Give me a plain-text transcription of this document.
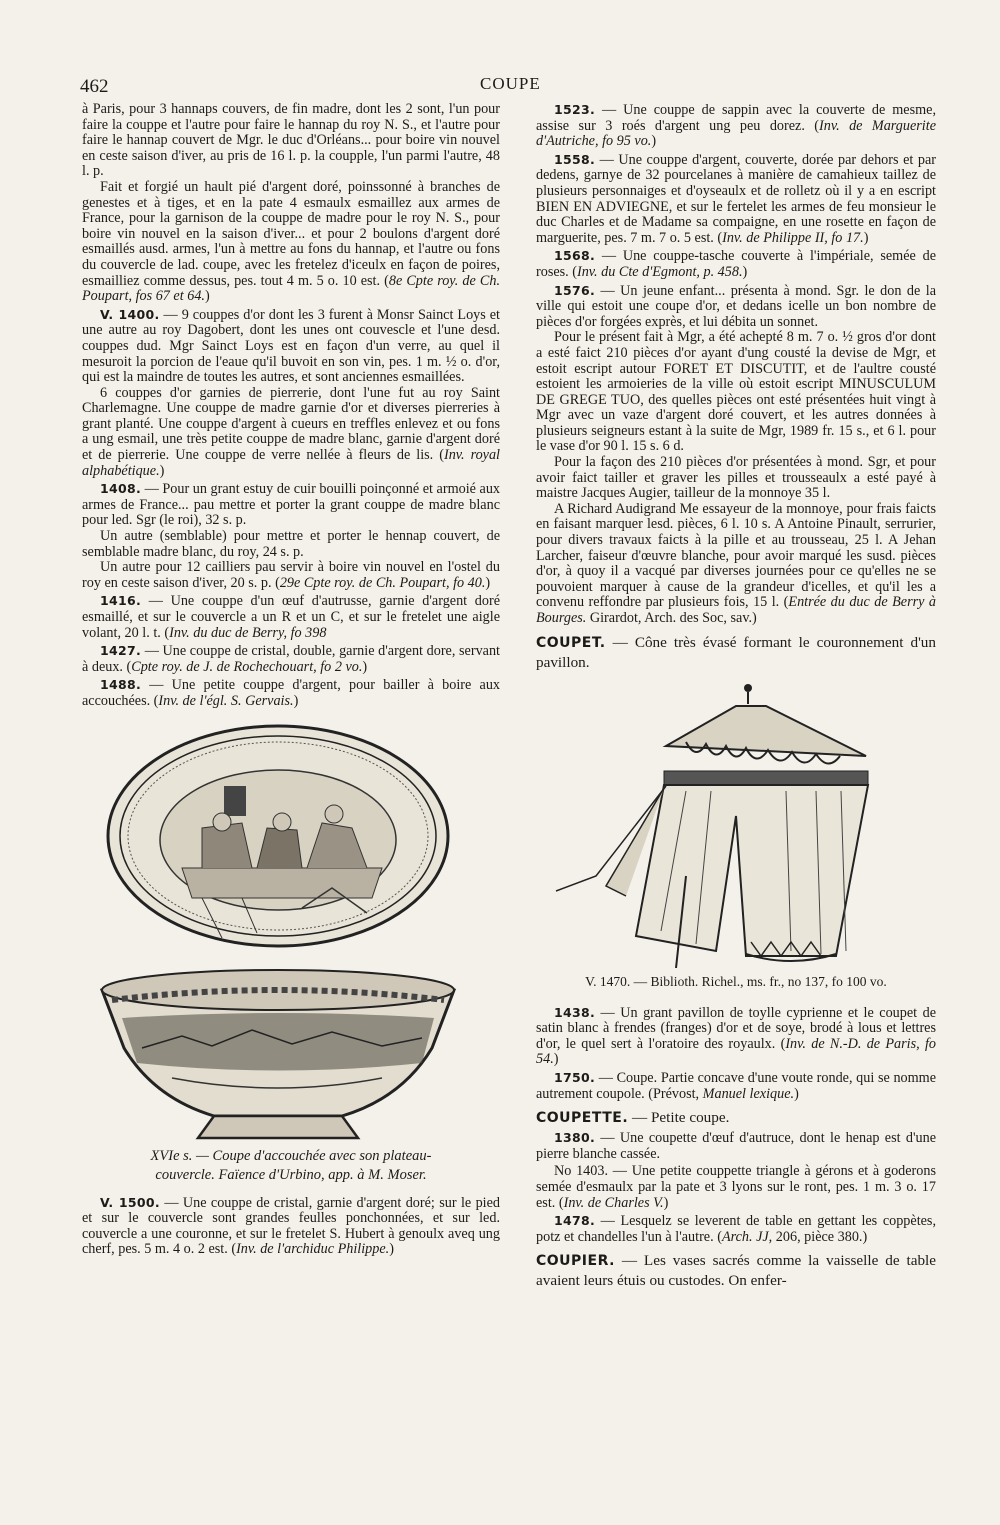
462	COUPE

à Paris, pour 3 hannaps couvers, de fin madre, dont les 2 sont, l'un pour faire la couppe et l'autre pour faire le hannap du roy N. S., et l'autre pour faire le hannap couvert de Mgr. le duc d'Orléans... pour boire vin nouvel en ceste saison d'iver, au pris de 16 l. p. la coupple, l'un parmi l'autre, 48 l. p.

Fait et forgié un hault pié d'argent doré, poinssonné à branches de genestes et à tiges, et en la pate 4 esmaulx esmaillez aux armes de France, pour la garnison de la couppe de madre pour le roy N. S., pour boire vin nouvel en la saison d'iver... et pour 2 boulons d'argent doré esmaillés ausd. armes, l'un à mettre au fons du hannap, et l'autre ou fons du couvercle de lad. coupe, avec les fretelez d'iceulx en façon de poires, esmailliez comme dessus, pes. tout 4 m. 5 o. 10 est. (8e Cpte roy. de Ch. Poupart, fos 67 et 64.)

V. 1400. — 9 couppes d'or dont les 3 furent à Monsr Sainct Loys et une autre au roy Dagobert, dont les unes ont couvescle et l'une desd. couppes dud. Mgr Sainct Loys est en façon d'un verre, au quel il mesuroit la porcion de l'eaue qu'il buvoit en son vin, pes. 1 m. ½ o. d'or, qui est la maindre de toutes les autres, et sont anciennes esmaillées.

6 couppes d'or garnies de pierrerie, dont l'une fut au roy Saint Charlemagne. Une couppe de madre garnie d'or et diverses pierreries à grant planté. Une couppe d'argent à cueurs en treffles enlevez et ou fons a ung esmail, une très petite couppe de madre blanc, garnie d'argent doré et de pierrerie. Une couppe de verre nellée à fleurs de lis. (Inv. royal alphabétique.)

1408. — Pour un grant estuy de cuir bouilli poinçonné et armoié aux armes de France... pau mettre et porter la grant couppe de madre blanc pour led. Sgr (le roi), 32 s. p.

Un autre (semblable) pour mettre et porter le hennap couvert, de semblable madre blanc, du roy, 24 s. p.

Un autre pour 12 cailliers pau servir à boire vin nouvel en l'ostel du roy en ceste saison d'iver, 20 s. p. (29e Cpte roy. de Ch. Poupart, fo 40.)

1416. — Une couppe d'un œuf d'autrusse, garnie d'argent doré esmaillé, et sur le couvercle a un R et un C, et sur le fretelet une aigle volant, 20 l. t. (Inv. du duc de Berry, fo 398

1427. — Une couppe de cristal, double, garnie d'argent dore, servant à deux. (Cpte roy. de J. de Rochechouart, fo 2 vo.)

1488. — Une petite couppe d'argent, pour bailler à boire aux accouchées. (Inv. de l'égl. S. Gervais.)

XVIe s. — Coupe d'accouchée avec son plateau-
couvercle. Faïence d'Urbino, app. à M. Moser.

V. 1500. — Une couppe de cristal, garnie d'argent doré; sur le pied et sur le couvercle sont grandes feulles ponchonnées, et sur led. couvercle a une couronne, et sur le fretelet S. Hubert à genoulx aveq ung cherf, pes. 5 m. 4 o. 2 est. (Inv. de l'archiduc Philippe.)

1523. — Une couppe de sappin avec la couverte de mesme, assise sur 3 roés d'argent ung peu dorez. (Inv. de Marguerite d'Autriche, fo 95 vo.)

1558. — Une couppe d'argent, couverte, dorée par dehors et par dedens, garnye de 32 pourcelanes à manière de camahieux taillez de plusieurs personnaiges et d'oyseaulx et de rolletz où il y a en escript BIEN EN ADVIEGNE, et sur le fertelet les armes de feu monsieur le duc Charles et de Madame sa compaigne, en une rosette en façon de marguerite, pes. 7 m. 7 o. 5 est. (Inv. de Philippe II, fo 17.)

1568. — Une couppe-tasche couverte à l'impériale, semée de roses. (Inv. du Cte d'Egmont, p. 458.)

1576. — Un jeune enfant... présenta à mond. Sgr. le don de la ville qui estoit une coupe d'or, et dedans icelle un bon nombre de pièces d'or forgées exprès, et lui débita un sonnet.

Pour le présent fait à Mgr, a été achepté 8 m. 7 o. ½ gros d'or dont a esté faict 210 pièces d'or ayant d'ung cousté la devise de Mgr, et estoit escript autour FORET ET DISCUTIT, et de l'aultre cousté estoient les armoieries de la ville où estoit escript MINUSCULUM DE GREGE TUO, des quelles pièces ont esté présentées huit vingt à Mgr avec un vaze d'argent doré couvert, et les autres données à plusieurs seigneurs estant à la suite de Mgr, 1989 fr. 15 s., et 6 l. pour le vase d'or 90 l. 15 s. 6 d.

Pour la façon des 210 pièces d'or présentées à mond. Sgr, et pour avoir faict tailler et graver les pilles et trousseaulx a esté payé à maistre Jacques Augier, tailleur de la monnoye 35 l.

A Richard Audigrand Me essayeur de la monnoye, pour frais faicts en faisant marquer lesd. pièces, 6 l. 10 s. A Antoine Pinault, serrurier, pour divers travaux faicts à la pille et au trousseau, 25 l. A Jehan Larcher, faiseur d'œuvre blanche, pour avoir marqué les susd. pièces d'or, à quoy il a vacqué par diverses journées pour ce qu'elles ne se pouvoient marquer à cause de la grandeur d'icelles, et qu'il les a convenu reffondre par plusieurs fois, 15 l. (Entrée du duc de Berry à Bourges. Girardot, Arch. des Soc, sav.)

COUPET. — Cône très évasé formant le couronnement d'un pavillon.

V. 1470. — Biblioth. Richel., ms. fr., no 137, fo 100 vo.

1438. — Un grant pavillon de toylle cyprienne et le coupet de satin blanc à frendes (franges) d'or et de soye, brodé à lous et lettres d'or, le quel sert à l'oratoire des royaulx. (Inv. de N.-D. de Paris, fo 54.)

1750. — Coupe. Partie concave d'une voute ronde, qui se nomme autrement coupole. (Prévost, Manuel lexique.)

COUPETTE. — Petite coupe.

1380. — Une coupette d'œuf d'autruce, dont le henap est d'une pierre blanche cassée.

No 1403. — Une petite couppette triangle à gérons et à goderons semée d'esmaulx par la pate et 3 lyons sur le ront, pes. 1 m. 3 o. 17 est. (Inv. de Charles V.)

1478. — Lesquelz se leverent de table en gettant les coppètes, potz et chandelles l'un à l'autre. (Arch. JJ, 206, pièce 380.)

COUPIER. — Les vases sacrés comme la vaisselle de table avaient leurs étuis ou custodes. On enfer-
